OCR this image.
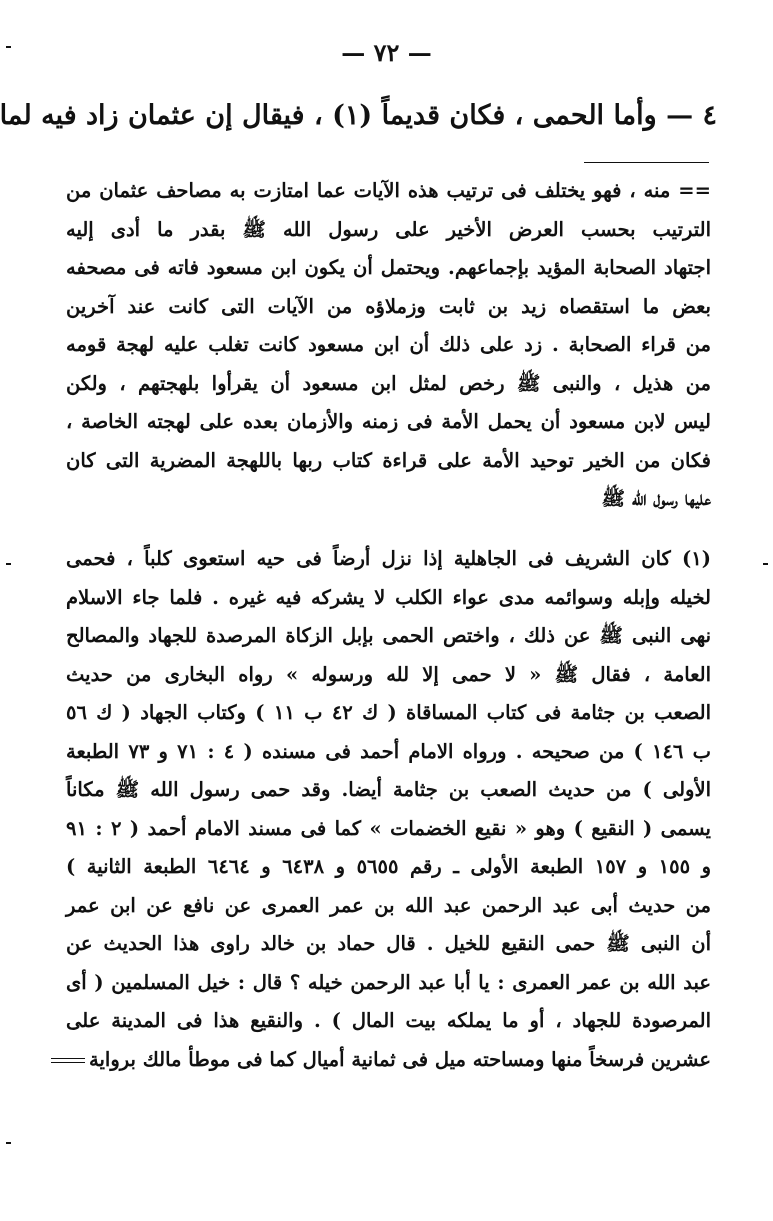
— ٧٢ —
٤ — وأما الحمى ، فكان قديماً (١) ، فيقال إن عثمان زاد فيه لما
== منه ، فهو يختلف فى ترتيب هذه الآيات عما امتازت به مصاحف عثمان من
الترتيب بحسب العرض الأخير على رسول الله ﷺ بقدر ما أدى إليه
اجتهاد الصحابة المؤيد بإجماعهم. ويحتمل أن يكون ابن مسعود فاته فى مصحفه
بعض ما استقصاه زيد بن ثابت وزملاؤه من الآيات التى كانت عند آخرين
من قراء الصحابة . زد على ذلك أن ابن مسعود كانت تغلب عليه لهجة قومه
من هذيل ، والنبى ﷺ رخص لمثل ابن مسعود أن يقرأوا بلهجتهم ، ولكن
ليس لابن مسعود أن يحمل الأمة فى زمنه والأزمان بعده على لهجته الخاصة ،
فكان من الخير توحيد الأمة على قراءة كتاب ربها باللهجة المضرية التى كان
عليها رسول الله ﷺ
(١) كان الشريف فى الجاهلية إذا نزل أرضاً فى حيه استعوى كلباً ، فحمى
لخيله وإبله وسوائمه مدى عواء الكلب لا يشركه فيه غيره . فلما جاء الاسلام
نهى النبى ﷺ عن ذلك ، واختص الحمى بإبل الزكاة المرصدة للجهاد والمصالح
العامة ، فقال ﷺ « لا حمى إلا لله ورسوله » رواه البخارى من حديث
الصعب بن جثامة فى كتاب المساقاة ( ك ٤٢ ب ١١ ) وكتاب الجهاد ( ك ٥٦
ب ١٤٦ ) من صحيحه . ورواه الامام أحمد فى مسنده ( ٤ : ٧١ و ٧٣ الطبعة
الأولى ) من حديث الصعب بن جثامة أيضا. وقد حمى رسول الله ﷺ مكاناً
يسمى ( النقيع ) وهو « نقيع الخضمات » كما فى مسند الامام أحمد ( ٢ : ٩١
و ١٥٥ و ١٥٧ الطبعة الأولى ـ رقم ٥٦٥٥ و ٦٤٣٨ و ٦٤٦٤ الطبعة الثانية )
من حديث أبى عبد الرحمن عبد الله بن عمر العمرى عن نافع عن ابن عمر
أن النبى ﷺ حمى النقيع للخيل . قال حماد بن خالد راوى هذا الحديث عن
عبد الله بن عمر العمرى : يا أبا عبد الرحمن خيله ؟ قال : خيل المسلمين ( أى
المرصودة للجهاد ، أو ما يملكه بيت المال ) . والنقيع هذا فى المدينة على
عشرين فرسخاً منها ومساحته ميل فى ثمانية أميال كما فى موطأ مالك برواية
